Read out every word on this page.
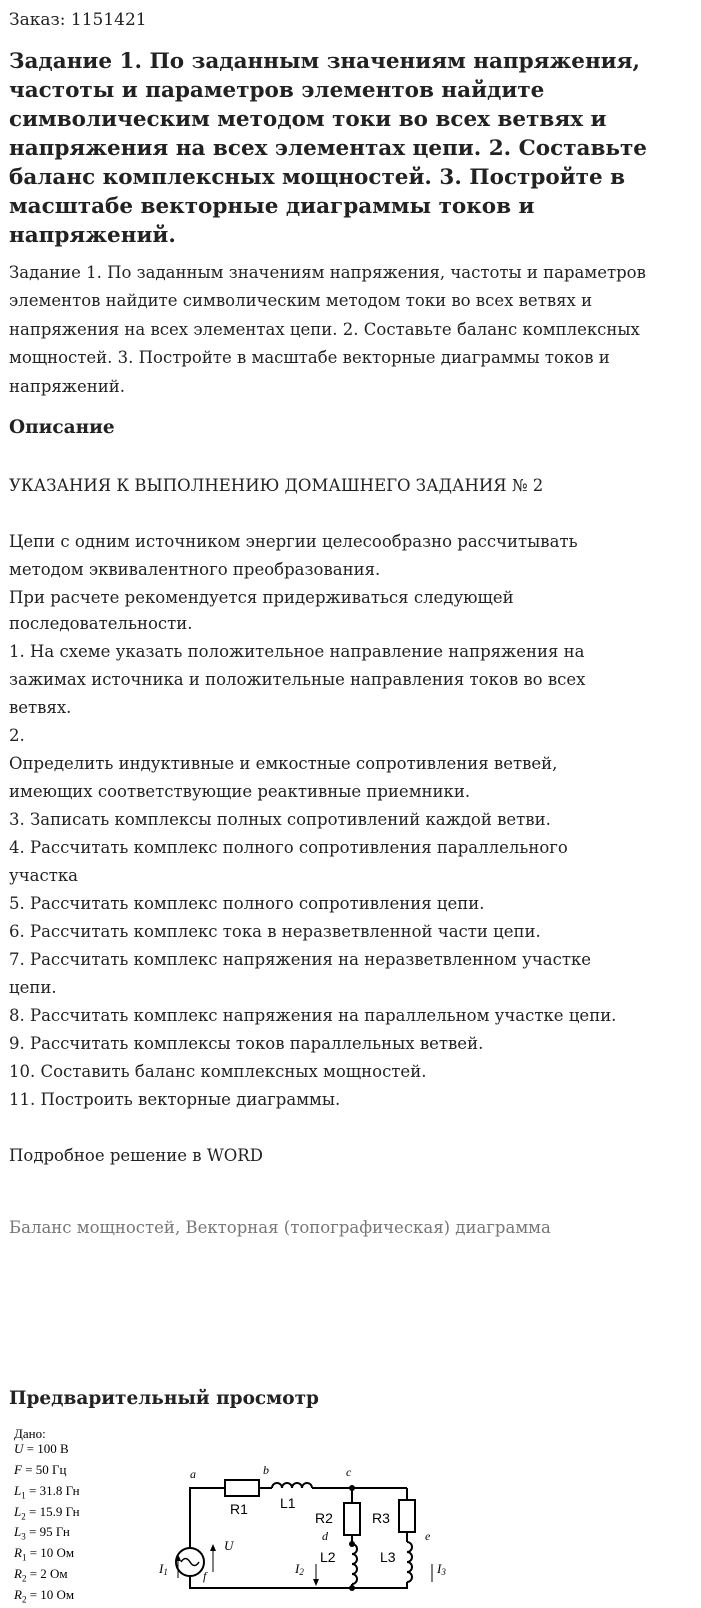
Заказ: 1151421
Задание 1. По заданным значениям напряжения, частоты и параметров элементов найдите символическим методом токи во всех ветвях и напряжения на всех элементах цепи. 2. Составьте баланс комплексных мощностей. 3. Постройте в масштабе векторные диаграммы токов и напряжений.
Задание 1. По заданным значениям напряжения, частоты и параметров элементов найдите символическим методом токи во всех ветвях и напряжения на всех элементах цепи. 2. Составьте баланс комплексных мощностей. 3. Постройте в масштабе векторные диаграммы токов и напряжений.
Описание
УКАЗАНИЯ К ВЫПОЛНЕНИЮ ДОМАШНЕГО ЗАДАНИЯ № 2
Цепи с одним источником энергии целесообразно рассчитывать
методом эквивалентного преобразования.
При расчете рекомендуется придерживаться следующей
последовательности.
1. На схеме указать положительное направление напряжения на
зажимах источника и положительные направления токов во всех
ветвях.
2.
Определить индуктивные и емкостные сопротивления ветвей,
имеющих соответствующие реактивные приемники.
3. Записать комплексы полных сопротивлений каждой ветви.
4. Рассчитать комплекс полного сопротивления параллельного
участка
5. Рассчитать комплекс полного сопротивления цепи.
6. Рассчитать комплекс тока в неразветвленной части цепи.
7. Рассчитать комплекс напряжения на неразветвленном участке
цепи.
8. Рассчитать комплекс напряжения на параллельном участке цепи.
9. Рассчитать комплексы токов параллельных ветвей.
10. Составить баланс комплексных мощностей.
11. Построить векторные диаграммы.
Подробное решение в WORD
Баланс мощностей, Векторная (топографическая) диаграмма
Предварительный просмотр
Дано:
U = 100 В
F = 50 Гц
$L_1 = 31.8$ Гн
$L_2 = 15.9$ Гн
$L_3 = 95$ Гн
$R_1 = 10$ Ом
$R_2 = 2$ Ом
$R_2 = 10$ Ом
a	b	c
d	e
f
R1 L1
R2
L2
R3
L3
U
I1	I2	I3
